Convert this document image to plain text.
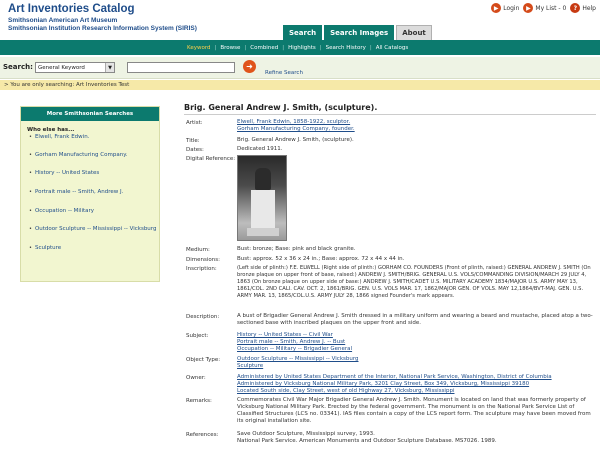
Art Inventories Catalog
Smithsonian American Art Museum
Smithsonian Institution Research Information System (SIRIS)
▶ Login	▶ My List - 0	? Help
Search	Search Images	About
Keyword | Browse | Combined | Highlights | Search History | All Catalogs
Search: General Keyword	▼	➜
Refine Search
> You are only searching: Art Inventories Test
More Smithsonian Searches
Who else has...
• Elwell, Frank Edwin.
• Gorham Manufacturing Company.
• History -- United States
• Portrait male -- Smith, Andrew J.
• Occupation -- Military
• Outdoor Sculpture -- Mississippi -- Vicksburg
• Sculpture
Brig. General Andrew J. Smith, (sculpture).
Artist:	Elwell, Frank Edwin, 1858-1922, sculptor.
Gorham Manufacturing Company, founder.
Title:	Brig. General Andrew J. Smith, (sculpture).
Dates:	Dedicated 1911.
Digital Reference:
Medium:	Bust: bronze; Base: pink and black granite.
Dimensions:	Bust: approx. 52 x 36 x 24 in.; Base: approx. 72 x 44 x 44 in.
Inscription:	(Left side of plinth:) F.E. ELWELL (Right side of plinth:) GORHAM CO. FOUNDERS (Front of plinth, raised:) GENERAL ANDREW J. SMITH (On bronze plaque on upper front of base, raised:) ANDREW J. SMITH/BRIG. GENERAL U.S. VOLS/COMMANDING DIVISION/MARCH 29 JULY 4, 1863 (On bronze plaque on upper side of base:) ANDREW J. SMITH/CADET U.S. MILITARY ACADEMY 1834/MAJOR U.S. ARMY MAY 13, 1861/COL. 2ND CALI. CAV. OCT. 2, 1861/BRIG. GEN. U.S. VOLS MAR. 17, 1862/MAJOR GEN. OF VOLS. MAY 12,1864/BVT-MAJ. GEN. U.S. ARMY MAR. 13, 1865/COL.U.S. ARMY JULY 28, 1866 signed Founder's mark appears.
Description:	A bust of Brigadier General Andrew J. Smith dressed in a military uniform and wearing a beard and mustache, placed atop a two-sectioned base with inscribed plaques on the upper front and side.
Subject:	History -- United States -- Civil War
Portrait male -- Smith, Andrew J. -- Bust
Occupation -- Military -- Brigadier General
Object Type:	Outdoor Sculpture -- Mississippi -- Vicksburg
Sculpture
Owner:	Administered by United States Department of the Interior, National Park Service, Washington, District of Columbia
Administered by Vicksburg National Military Park, 3201 Clay Street, Box 349, Vicksburg, Mississippi 39180
Located South side, Clay Street, west of old Highway 27, Vicksburg, Mississippi
Remarks:	Commemorates Civil War Major Brigadier General Andrew J. Smith. Monument is located on land that was formerly property of Vicksburg National Military Park. Erected by the federal government. The monument is on the National Park Service List of Classified Structures (LCS no. 03341). IAS files contain a copy of the LCS report form. The sculpture may have been moved from its original installation site.
References:	Save Outdoor Sculpture, Mississippi survey, 1993.
National Park Service. American Monuments and Outdoor Sculpture Database. MS7026. 1989.
